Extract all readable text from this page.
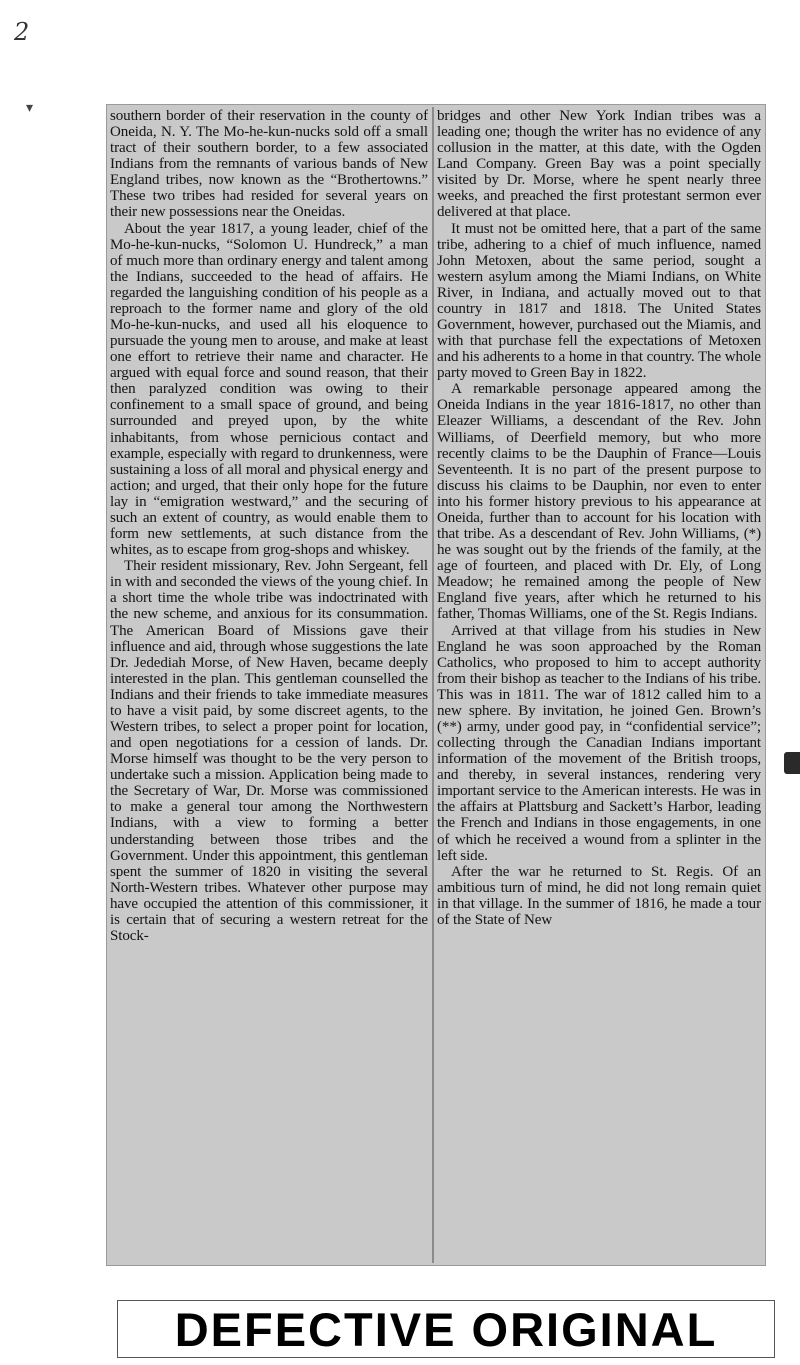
2
▾	southern border of their reservation in the county of Oneida, N. Y. The Mo-he-kun-nucks sold off a small tract of their southern border, to a few associated Indians from the remnants of various bands of New England tribes, now known as the “Brothertowns.” These two tribes had resided for several years on their new possessions near the Oneidas.

About the year 1817, a young leader, chief of the Mo-he-kun-nucks, “Solomon U. Hundreck,” a man of much more than ordinary energy and talent among the Indians, succeeded to the head of affairs. He regarded the languishing condition of his people as a reproach to the former name and glory of the old Mo-he-kun-nucks, and used all his eloquence to pursuade the young men to arouse, and make at least one effort to retrieve their name and character. He argued with equal force and sound reason, that their then paralyzed condition was owing to their confinement to a small space of ground, and being surrounded and preyed upon, by the white inhabitants, from whose pernicious contact and example, especially with regard to drunkenness, were sustaining a loss of all moral and physical energy and action; and urged, that their only hope for the future lay in “emigration westward,” and the securing of such an extent of country, as would enable them to form new settlements, at such distance from the whites, as to escape from grog-shops and whiskey.

Their resident missionary, Rev. John Sergeant, fell in with and seconded the views of the young chief. In a short time the whole tribe was indoctrinated with the new scheme, and anxious for its consummation. The American Board of Missions gave their influence and aid, through whose suggestions the late Dr. Jedediah Morse, of New Haven, became deeply interested in the plan. This gentleman counselled the Indians and their friends to take immediate measures to have a visit paid, by some discreet agents, to the Western tribes, to select a proper point for location, and open negotiations for a cession of lands. Dr. Morse himself was thought to be the very person to undertake such a mission. Application being made to the Secretary of War, Dr. Morse was commissioned to make a general tour among the Northwestern Indians, with a view to forming a better understanding between those tribes and the Government. Under this appointment, this gentleman spent the summer of 1820 in visiting the several North-Western tribes. Whatever other purpose may have occupied the attention of this commissioner, it is certain that of securing a western retreat for the Stock-

bridges and other New York Indian tribes was a leading one; though the writer has no evidence of any collusion in the matter, at this date, with the Ogden Land Company. Green Bay was a point specially visited by Dr. Morse, where he spent nearly three weeks, and preached the first protestant sermon ever delivered at that place.

It must not be omitted here, that a part of the same tribe, adhering to a chief of much influence, named John Metoxen, about the same period, sought a western asylum among the Miami Indians, on White River, in Indiana, and actually moved out to that country in 1817 and 1818. The United States Government, however, purchased out the Miamis, and with that purchase fell the expectations of Metoxen and his adherents to a home in that country. The whole party moved to Green Bay in 1822.

A remarkable personage appeared among the Oneida Indians in the year 1816-1817, no other than Eleazer Williams, a descendant of the Rev. John Williams, of Deerfield memory, but who more recently claims to be the Dauphin of France—Louis Seventeenth. It is no part of the present purpose to discuss his claims to be Dauphin, nor even to enter into his former history previous to his appearance at Oneida, further than to account for his location with that tribe. As a descendant of Rev. John Williams, (*) he was sought out by the friends of the family, at the age of fourteen, and placed with Dr. Ely, of Long Meadow; he remained among the people of New England five years, after which he returned to his father, Thomas Williams, one of the St. Regis Indians.

Arrived at that village from his studies in New England he was soon approached by the Roman Catholics, who proposed to him to accept authority from their bishop as teacher to the Indians of his tribe. This was in 1811. The war of 1812 called him to a new sphere. By invitation, he joined Gen. Brown’s (**) army, under good pay, in “confidential service”; collecting through the Canadian Indians important information of the movement of the British troops, and thereby, in several instances, rendering very important service to the American interests. He was in the affairs at Plattsburg and Sackett’s Harbor, leading the French and Indians in those engagements, in one of which he received a wound from a splinter in the left side.

After the war he returned to St. Regis. Of an ambitious turn of mind, he did not long remain quiet in that village. In the summer of 1816, he made a tour of the State of New

DEFECTIVE ORIGINAL
